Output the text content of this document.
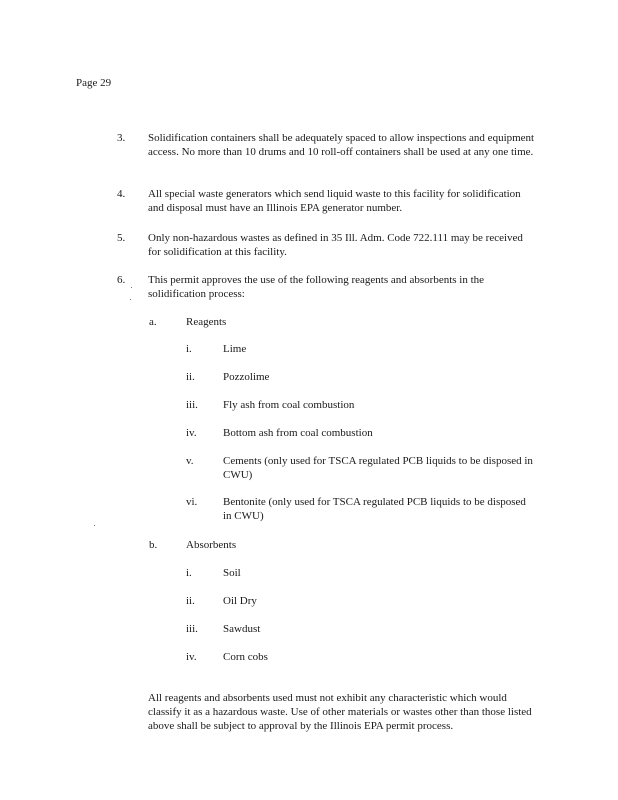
Page 29
3.	Solidification containers shall be adequately spaced to allow inspections and equipment access. No more than 10 drums and 10 roll-off containers shall be used at any one time.
4.	All special waste generators which send liquid waste to this facility for solidification and disposal must have an Illinois EPA generator number.
5.	Only non-hazardous wastes as defined in 35 Ill. Adm. Code 722.111 may be received for solidification at this facility.
6.	This permit approves the use of the following reagents and absorbents in the solidification process:
a.	Reagents
i.	Lime
ii.	Pozzolime
iii.	Fly ash from coal combustion
iv.	Bottom ash from coal combustion
v.	Cements (only used for TSCA regulated PCB liquids to be disposed in CWU)
vi.	Bentonite (only used for TSCA regulated PCB liquids to be disposed in CWU)
b.	Absorbents
i.	Soil
ii.	Oil Dry
iii.	Sawdust
iv.	Corn cobs
All reagents and absorbents used must not exhibit any characteristic which would classify it as a hazardous waste. Use of other materials or wastes other than those listed above shall be subject to approval by the Illinois EPA permit process.
